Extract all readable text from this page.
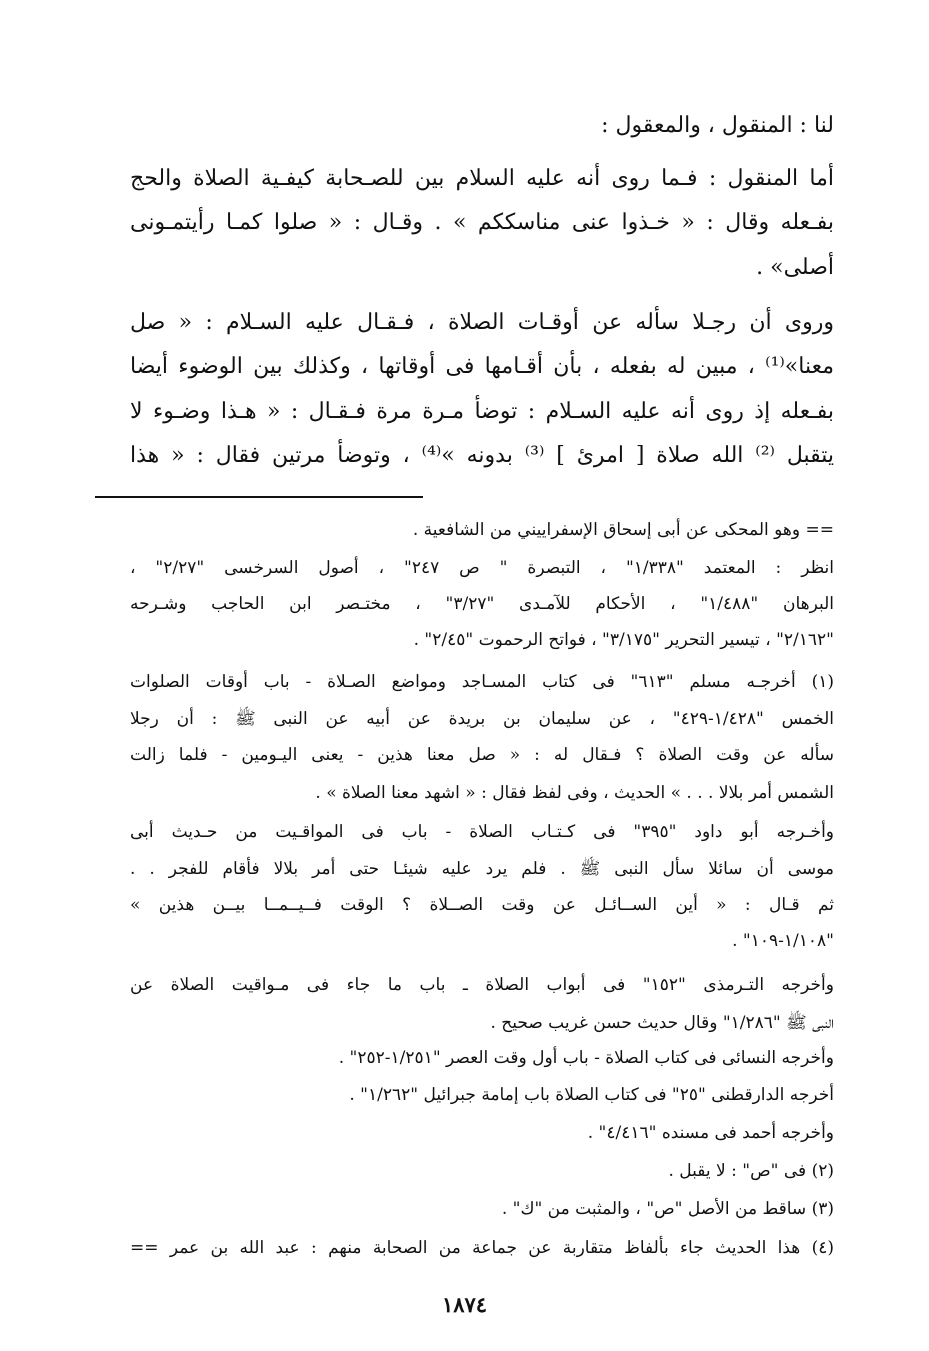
لنا : المنقول ، والمعقول :
أما المنقول : فـما روى أنه عليه السلام بين للصـحابة كيفـية الصلاة والحج
بفـعله وقال : « خـذوا عنى مناسككم » . وقـال : « صلوا كمـا رأيتمـونى
أصلى» .
وروى أن رجـلا سأله عن أوقـات الصلاة ، فـقـال عليه السـلام : « صل
معنا»⁽¹⁾ ، مبين له بفعله ، بأن أقـامها فى أوقاتها ، وكذلك بين الوضوء أيضا
بفـعله إذ روى أنه عليه السـلام : توضأ مـرة مرة فـقـال : « هـذا وضـوء لا
يتقبل ⁽²⁾ الله صلاة [ امرئ ] ⁽³⁾ بدونه »⁽⁴⁾ ، وتوضأ مرتين فقال : « هذا
== وهو المحكى عن أبى إسحاق الإسفراييني من الشافعية .
انظر : المعتمد "١/٣٣٨" ، التبصرة " ص ٢٤٧" ، أصول السرخسى "٢/٢٧" ،
البرهان "١/٤٨٨" ، الأحكام للآمـدى "٣/٢٧" ، مختـصر ابن الحاجب وشـرحه
"٢/١٦٢" ، تيسير التحرير "٣/١٧٥" ، فواتح الرحموت "٢/٤٥" .
(١) أخرجـه مسلم "٦١٣" فى كتاب المسـاجد ومواضع الصـلاة - باب أوقات الصلوات
الخمس "١/٤٢٨-٤٢٩" ، عن سليمان بن بريدة عن أبيه عن النبى ﷺ : أن رجلا
سأله عن وقت الصلاة ؟ فـقال له : « صل معنا هذين - يعنى اليـومين - فلما زالت
الشمس أمر بلالا . . . » الحديث ، وفى لفظ فقال : « اشهد معنا الصلاة » .
وأخـرجه أبو داود "٣٩٥" فى كـتـاب الصلاة - باب فى المواقـيت من حـديث أبى
موسى أن سائلا سأل النبى ﷺ . فلم يرد عليه شيئـا حتى أمر بلالا فأقام للفجر . .
ثم قـال : « أين الســائـل عن وقت الصــلاة ؟ الوقت فــيــمــا بيــن هذين »
"١/١٠٨-١٠٩" .
وأخرجه التـرمذى "١٥٢" فى أبواب الصلاة ـ باب ما جاء فى مـواقيت الصلاة عن
النبى ﷺ "١/٢٨٦" وقال حديث حسن غريب صحيح .
وأخرجه النسائى فى كتاب الصلاة - باب أول وقت العصر "١/٢٥١-٢٥٢" .
أخرجه الدارقطنى "٢٥" فى كتاب الصلاة باب إمامة جبرائيل "١/٢٦٢" .
وأخرجه أحمد فى مسنده "٤/٤١٦" .
(٢) فى "ص" : لا يقبل .
(٣) ساقط من الأصل "ص" ، والمثبت من "ك" .
(٤) هذا الحديث جاء بألفاظ متقاربة عن جماعة من الصحابة منهم : عبد الله بن عمر ==
١٨٧٤
